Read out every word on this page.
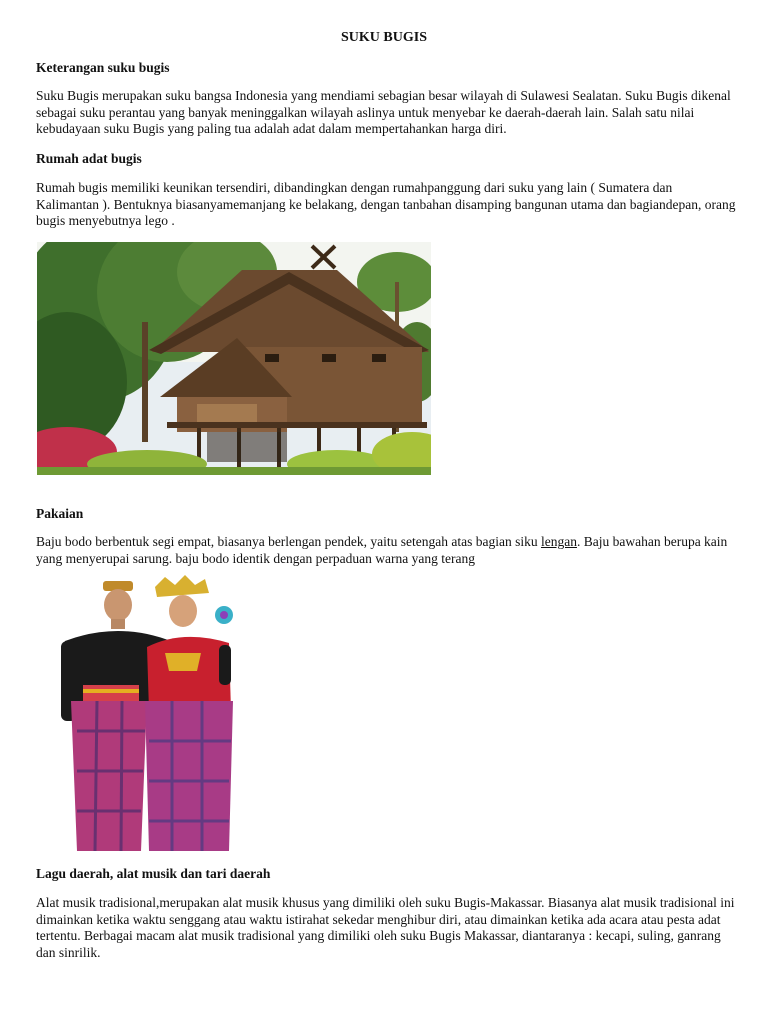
SUKU BUGIS
Keterangan suku bugis
Suku Bugis merupakan suku bangsa Indonesia yang mendiami sebagian besar wilayah di Sulawesi Sealatan. Suku Bugis dikenal sebagai suku perantau yang banyak meninggalkan wilayah aslinya untuk menyebar ke daerah-daerah lain. Salah satu nilai kebudayaan suku Bugis yang paling tua adalah adat dalam mempertahankan harga diri.
Rumah adat bugis
Rumah bugis memiliki keunikan tersendiri, dibandingkan dengan rumahpanggung dari suku yang lain ( Sumatera dan Kalimantan ). Bentuknya biasanyamemanjang ke belakang, dengan tanbahan disamping bangunan utama dan bagiandepan, orang bugis menyebutnya lego .
Pakaian
Baju bodo berbentuk segi empat, biasanya berlengan pendek, yaitu setengah atas bagian siku lengan. Baju bawahan berupa kain yang menyerupai sarung. baju bodo identik dengan perpaduan warna yang terang
Lagu daerah, alat musik dan tari daerah
Alat musik tradisional,merupakan alat musik khusus yang dimiliki oleh suku Bugis-Makassar. Biasanya alat musik tradisional ini dimainkan ketika waktu senggang atau waktu istirahat sekedar menghibur diri, atau dimainkan ketika ada acara atau pesta adat tertentu. Berbagai macam alat musik tradisional yang dimiliki oleh suku Bugis Makassar, diantaranya : kecapi, suling, ganrang dan sinrilik.
